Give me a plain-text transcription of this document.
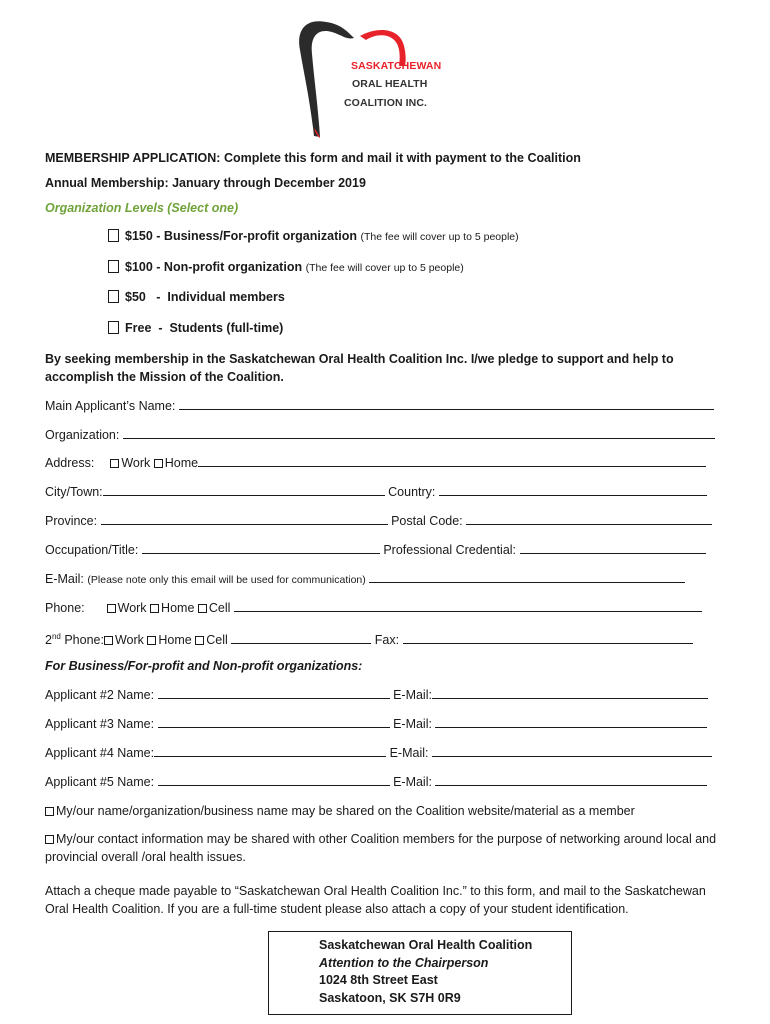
SASKATCHEWAN
ORAL HEALTH
COALITION INC.
MEMBERSHIP APPLICATION: Complete this form and mail it with payment to the Coalition
Annual Membership: January through December 2019
Organization Levels (Select one)
$150 - Business/For-profit organization (The fee will cover up to 5 people)
$100 - Non-profit organization (The fee will cover up to 5 people)
$50   -  Individual members
Free  -  Students (full-time)
By seeking membership in the Saskatchewan Oral Health Coalition Inc. I/we pledge to support and help to accomplish the Mission of the Coalition.
Main Applicant’s Name:
Organization:
Address: Work Home
City/Town:	Country:
Province:	Postal Code:
Occupation/Title:	Professional Credential:
E-Mail: (Please note only this email will be used for communication)
Phone:	Work Home Cell
2nd Phone: Work Home Cell	Fax:
For Business/For-profit and Non-profit organizations:
Applicant #2 Name:	E-Mail:
Applicant #3 Name:	E-Mail:
Applicant #4 Name:	E-Mail:
Applicant #5 Name:	E-Mail:
My/our name/organization/business name may be shared on the Coalition website/material as a member
My/our contact information may be shared with other Coalition members for the purpose of networking around local and provincial overall /oral health issues.
Attach a cheque made payable to “Saskatchewan Oral Health Coalition Inc.” to this form, and mail to the Saskatchewan Oral Health Coalition. If you are a full-time student please also attach a copy of your student identification.
Saskatchewan Oral Health Coalition
Attention to the Chairperson
1024 8th Street East
Saskatoon, SK S7H 0R9
